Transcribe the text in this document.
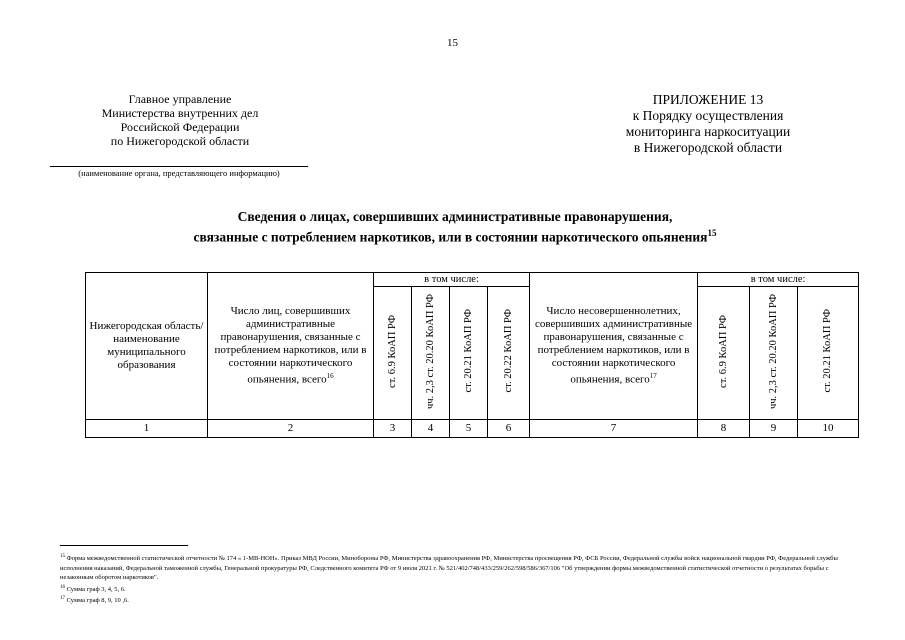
15
Главное управление
Министерства внутренних дел
Российской Федерации
по Нижегородской области
(наименование органа, представляющего информацию)
ПРИЛОЖЕНИЕ 13
к Порядку осуществления
мониторинга наркоситуации
в Нижегородской области
Сведения о лицах, совершивших административные правонарушения,
связанные с потреблением наркотиков, или в состоянии наркотического опьянения$^{15}$
Нижегородская область/ наименование муниципального образования	Число лиц, совершивших административные правонарушения, связанные с потреблением наркотиков, или в состоянии наркотического опьянения, всего$^{16}$	в том числе:				Число несовершеннолетних, совершивших административные правонарушения, связанные с потреблением наркотиков, или в состоянии наркотического опьянения, всего$^{17}$	в том числе:		
		ст. 6.9 КоАП РФ	чч. 2,3 ст. 20.20 КоАП РФ	ст. 20.21 КоАП РФ	ст. 20.22 КоАП РФ		ст. 6.9 КоАП РФ	чч. 2,3 ст. 20.20 КоАП РФ	ст. 20.21 КоАП РФ
1	2	3	4	5	6	7	8	9	10

$^{15}$ Форма межведомственной статистической отчетности № 174 « 1-МВ-НОН». Приказ МВД России, Минобороны РФ, Министерства здравоохранения РФ, Министерства просвещения РФ, ФСБ России, Федеральной службы войск национальной гвардии РФ, Федеральной службы исполнения наказаний, Федеральной таможенной службы, Генеральной прокуратуры РФ, Следственного комитета РФ от 9 июля 2021 г. № 521/402/748/433/259/262/598/586/367/106 "Об утверждении формы межведомственной статистической отчетности о результатах борьбы с незаконным оборотом наркотиков".

$^{16}$ Сумма граф 3, 4, 5, 6.

$^{17}$ Сумма граф 8, 9, 10 ,6.
